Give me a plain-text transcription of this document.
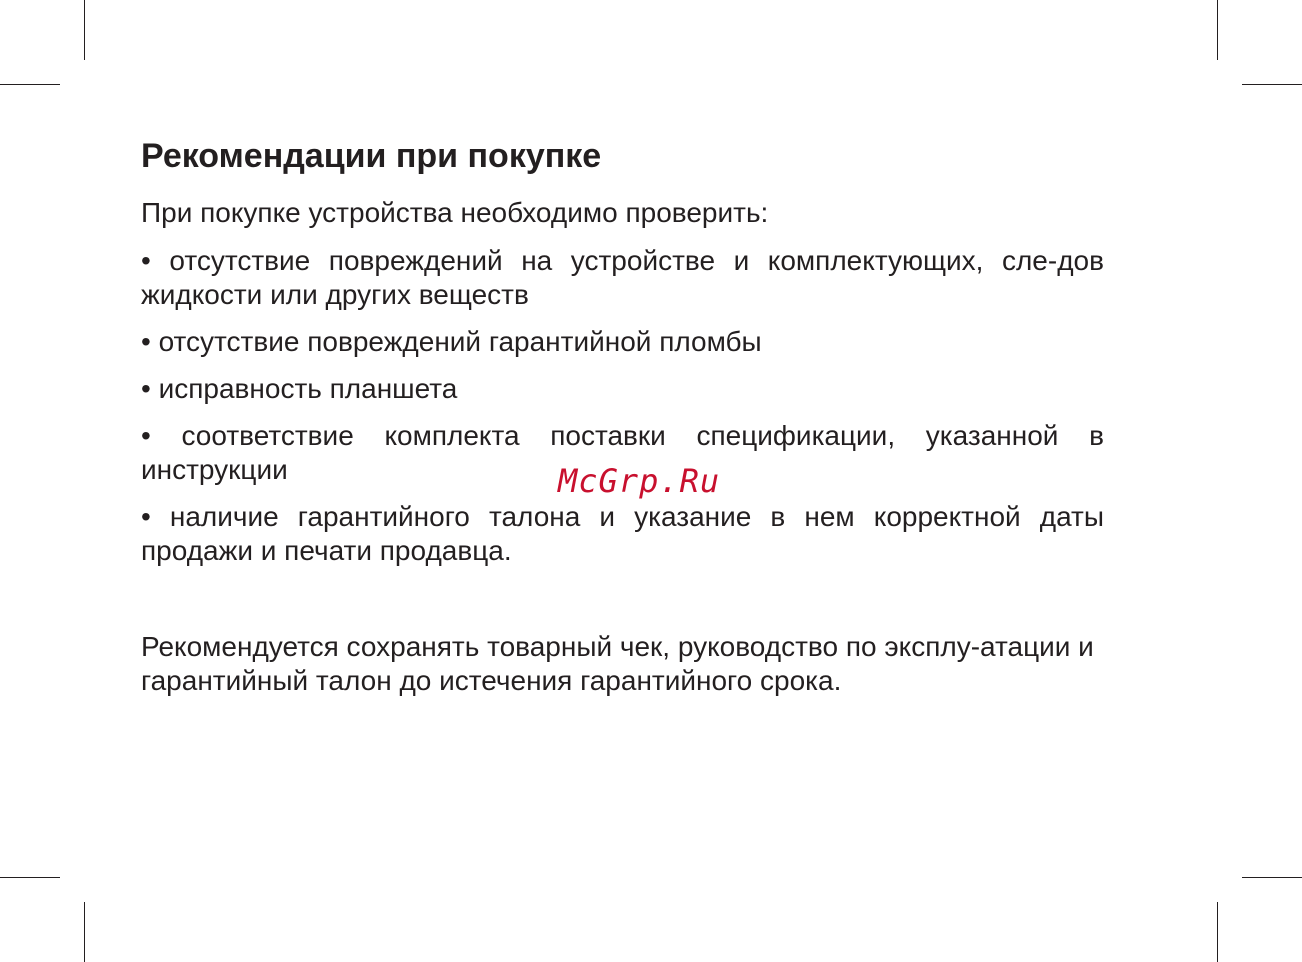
Рекомендации при покупке

При покупке устройства необходимо проверить:

• отсутствие повреждений на устройстве и комплектующих, сле-дов жидкости или других веществ

• отсутствие повреждений гарантийной пломбы

• исправность планшета

• соответствие комплекта поставки спецификации, указанной в инструкции

• наличие гарантийного талона и указание в нем корректной даты продажи и печати продавца.

Рекомендуется сохранять товарный чек, руководство по эксплу-атации и гарантийный талон до истечения гарантийного срока.

McGrp.Ru
